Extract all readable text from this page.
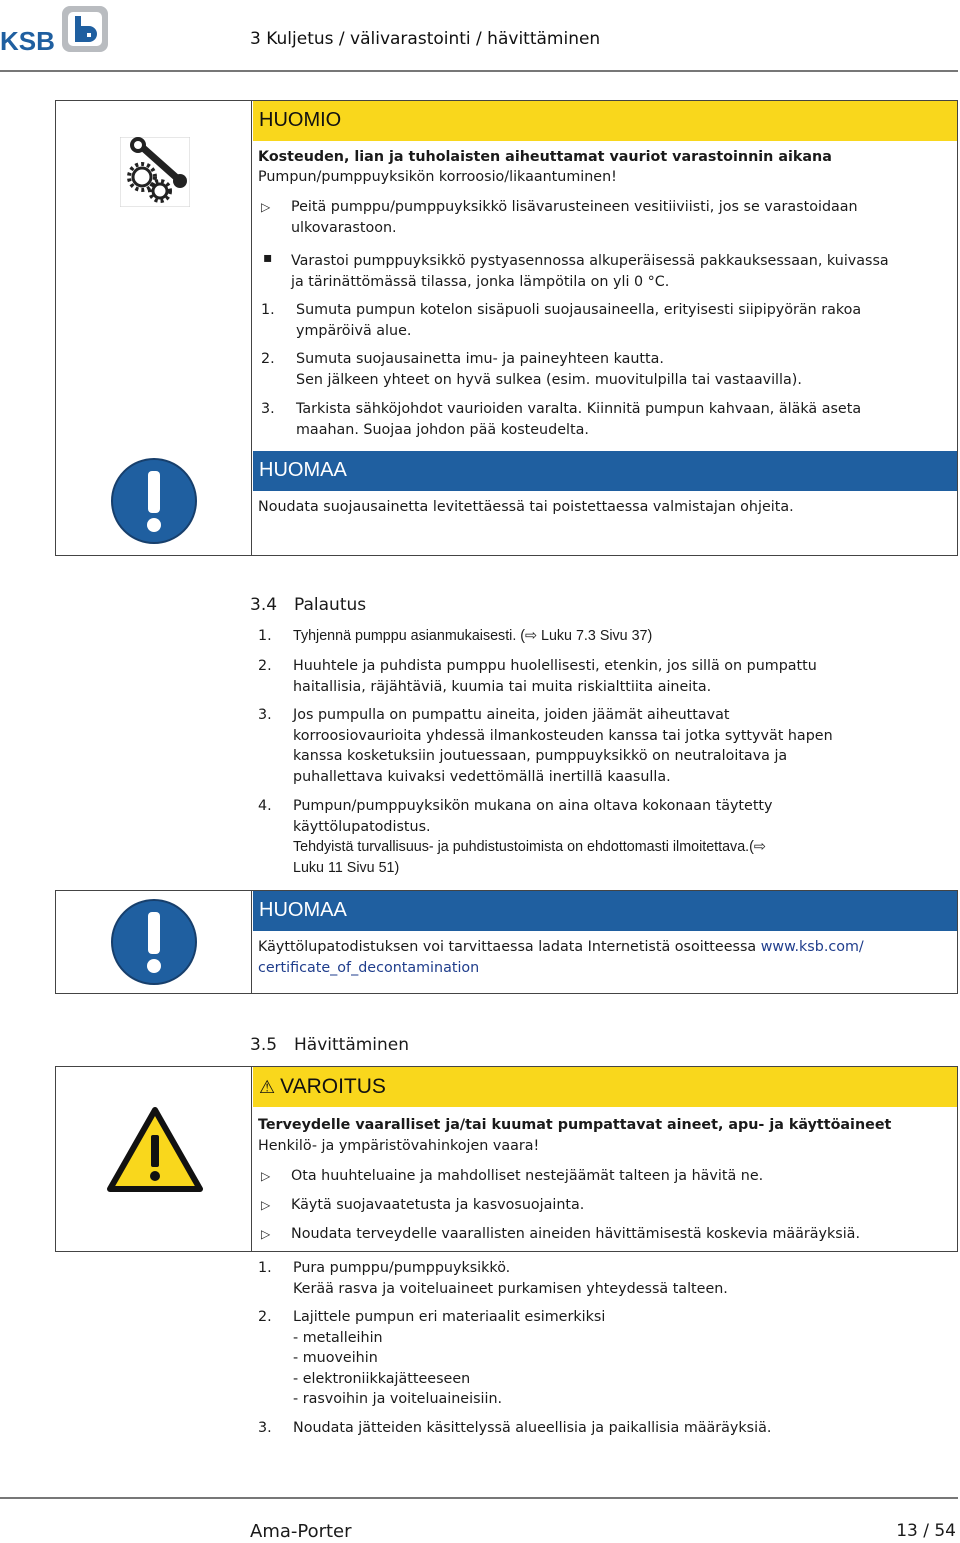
KSB	3 Kuljetus / välivarastointi / hävittäminen
HUOMIO
Kosteuden, lian ja tuholaisten aiheuttamat vauriot varastoinnin aikana
Pumpun/pumppuyksikön korroosio/likaantuminen!
▷ Peitä pumppu/pumppuyksikkö lisävarusteineen vesitiiviisti, jos se varastoidaan
ulkovarastoon.
▪ Varastoi pumppuyksikkö pystyasennossa alkuperäisessä pakkauksessaan, kuivassa
ja tärinättömässä tilassa, jonka lämpötila on yli 0 °C.
1. Sumuta pumpun kotelon sisäpuoli suojausaineella, erityisesti siipipyörän rakoa
ympäröivä alue.
2. Sumuta suojausainetta imu- ja paineyhteen kautta.
Sen jälkeen yhteet on hyvä sulkea (esim. muovitulpilla tai vastaavilla).
3. Tarkista sähköjohdot vaurioiden varalta. Kiinnitä pumpun kahvaan, äläkä aseta
maahan. Suojaa johdon pää kosteudelta.
HUOMAA
Noudata suojausainetta levitettäessä tai poistettaessa valmistajan ohjeita.
3.4 Palautus
1. Tyhjennä pumppu asianmukaisesti. (⇨ Luku 7.3 Sivu 37)
2. Huuhtele ja puhdista pumppu huolellisesti, etenkin, jos sillä on pumpattu
haitallisia, räjähtäviä, kuumia tai muita riskialttiita aineita.
3. Jos pumpulla on pumpattu aineita, joiden jäämät aiheuttavat
korroosiovaurioita yhdessä ilmankosteuden kanssa tai jotka syttyvät hapen
kanssa kosketuksiin joutuessaan, pumppuyksikkö on neutraloitava ja
puhallettava kuivaksi vedettömällä inertillä kaasulla.
4. Pumpun/pumppuyksikön mukana on aina oltava kokonaan täytetty
käyttölupatodistus.
Tehdyistä turvallisuus- ja puhdistustoimista on ehdottomasti ilmoitettava.(⇨
Luku 11 Sivu 51)
HUOMAA
Käyttölupatodistuksen voi tarvittaessa ladata Internetistä osoitteessa www.ksb.com/
certificate_of_decontamination
3.5 Hävittäminen
⚠ VAROITUS
Terveydelle vaaralliset ja/tai kuumat pumpattavat aineet, apu- ja käyttöaineet
Henkilö- ja ympäristövahinkojen vaara!
▷ Ota huuhteluaine ja mahdolliset nestejäämät talteen ja hävitä ne.
▷ Käytä suojavaatetusta ja kasvosuojainta.
▷ Noudata terveydelle vaarallisten aineiden hävittämisestä koskevia määräyksiä.
1. Pura pumppu/pumppuyksikkö.
Kerää rasva ja voiteluaineet purkamisen yhteydessä talteen.
2. Lajittele pumpun eri materiaalit esimerkiksi
- metalleihin
- muoveihin
- elektroniikkajätteeseen
- rasvoihin ja voiteluaineisiin.
3. Noudata jätteiden käsittelyssä alueellisia ja paikallisia määräyksiä.
Ama-Porter	13 / 54
